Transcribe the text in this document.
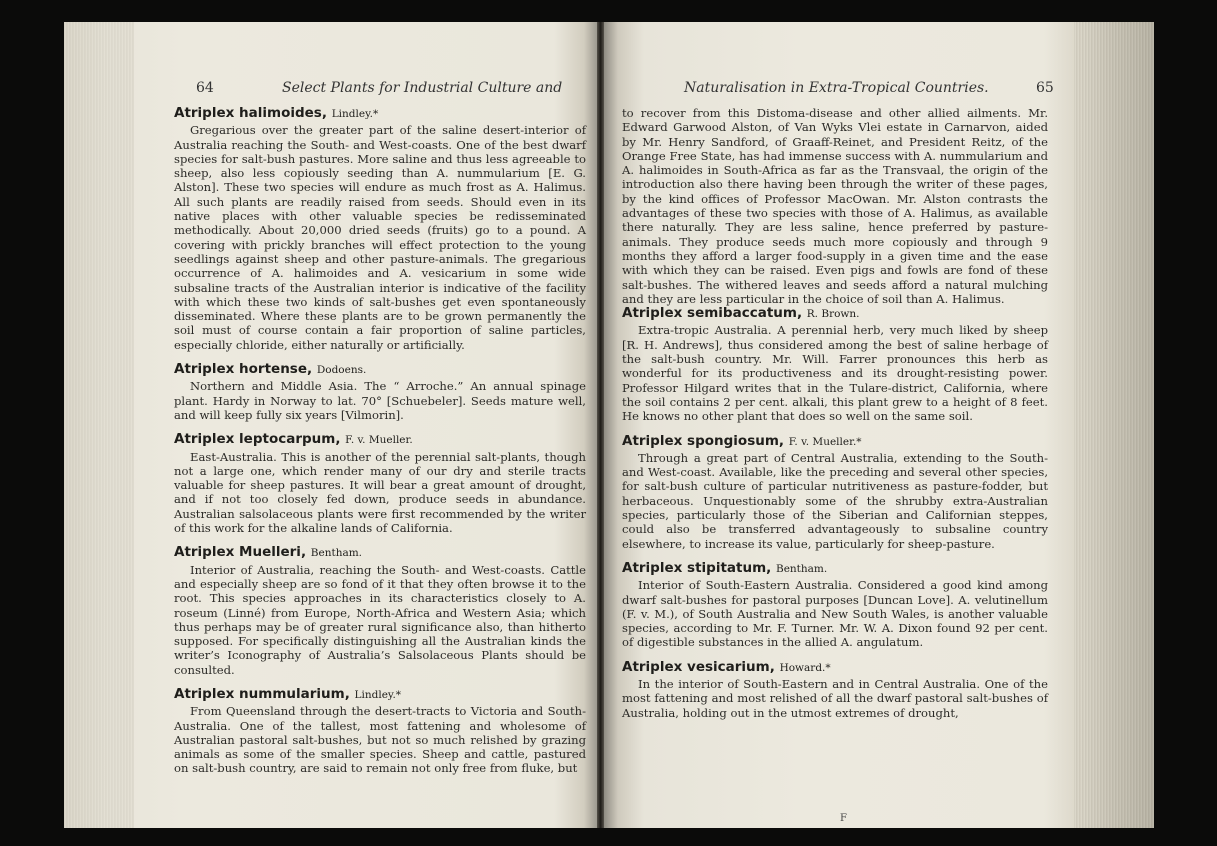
64	Select Plants for Industrial Culture and
Atriplex halimoides, Lindley.*

Gregarious over the greater part of the saline desert-interior of Australia reaching the South- and West-coasts. One of the best dwarf species for salt-bush pastures. More saline and thus less agreeable to sheep, also less copiously seeding than A. nummularium [E. G. Alston]. These two species will endure as much frost as A. Halimus. All such plants are readily raised from seeds. Should even in its native places with other valuable species be redisseminated methodically. About 20,000 dried seeds (fruits) go to a pound. A covering with prickly branches will effect protection to the young seedlings against sheep and other pasture-animals. The gregarious occurrence of A. halimoides and A. vesicarium in some wide subsaline tracts of the Australian interior is indicative of the facility with which these two kinds of salt-bushes get even spontaneously disseminated. Where these plants are to be grown permanently the soil must of course contain a fair proportion of saline particles, especially chloride, either naturally or artificially.

Atriplex hortense, Dodoens.

Northern and Middle Asia. The “ Arroche.” An annual spinage plant. Hardy in Norway to lat. 70° [Schuebeler]. Seeds mature well, and will keep fully six years [Vilmorin].

Atriplex leptocarpum, F. v. Mueller.

East-Australia. This is another of the perennial salt-plants, though not a large one, which render many of our dry and sterile tracts valuable for sheep pastures. It will bear a great amount of drought, and if not too closely fed down, produce seeds in abundance. Australian salsolaceous plants were first recommended by the writer of this work for the alkaline lands of California.

Atriplex Muelleri, Bentham.

Interior of Australia, reaching the South- and West-coasts. Cattle and especially sheep are so fond of it that they often browse it to the root. This species approaches in its characteristics closely to A. roseum (Linné) from Europe, North-Africa and Western Asia; which thus perhaps may be of greater rural significance also, than hitherto supposed. For specifically distinguishing all the Australian kinds the writer’s Iconography of Australia’s Salsolaceous Plants should be consulted.

Atriplex nummularium, Lindley.*

From Queensland through the desert-tracts to Victoria and South-Australia. One of the tallest, most fattening and wholesome of Australian pastoral salt-bushes, but not so much relished by grazing animals as some of the smaller species. Sheep and cattle, pastured on salt-bush country, are said to remain not only free from fluke, but

Naturalisation in Extra-Tropical Countries.	65

to recover from this Distoma-disease and other allied ailments. Mr. Edward Garwood Alston, of Van Wyks Vlei estate in Carnarvon, aided by Mr. Henry Sandford, of Graaff-Reinet, and President Reitz, of the Orange Free State, has had immense success with A. nummularium and A. halimoides in South-Africa as far as the Transvaal, the origin of the introduction also there having been through the writer of these pages, by the kind offices of Professor MacOwan. Mr. Alston contrasts the advantages of these two species with those of A. Halimus, as available there naturally. They are less saline, hence preferred by pasture-animals. They produce seeds much more copiously and through 9 months they afford a larger food-supply in a given time and the ease with which they can be raised. Even pigs and fowls are fond of these salt-bushes. The withered leaves and seeds afford a natural mulching and they are less particular in the choice of soil than A. Halimus.

Atriplex semibaccatum, R. Brown.

Extra-tropic Australia. A perennial herb, very much liked by sheep [R. H. Andrews], thus considered among the best of saline herbage of the salt-bush country. Mr. Will. Farrer pronounces this herb as wonderful for its productiveness and its drought-resisting power. Professor Hilgard writes that in the Tulare-district, California, where the soil contains 2 per cent. alkali, this plant grew to a height of 8 feet. He knows no other plant that does so well on the same soil.

Atriplex spongiosum, F. v. Mueller.*

Through a great part of Central Australia, extending to the South- and West-coast. Available, like the preceding and several other species, for salt-bush culture of particular nutritiveness as pasture-fodder, but herbaceous. Unquestionably some of the shrubby extra-Australian species, particularly those of the Siberian and Californian steppes, could also be transferred advantageously to subsaline country elsewhere, to increase its value, particularly for sheep-pasture.

Atriplex stipitatum, Bentham.

Interior of South-Eastern Australia. Considered a good kind among dwarf salt-bushes for pastoral purposes [Duncan Love]. A. velutinellum (F. v. M.), of South Australia and New South Wales, is another valuable species, according to Mr. F. Turner. Mr. W. A. Dixon found 92 per cent. of digestible substances in the allied A. angulatum.

Atriplex vesicarium, Howard.*

In the interior of South-Eastern and in Central Australia. One of the most fattening and most relished of all the dwarf pastoral salt-bushes of Australia, holding out in the utmost extremes of drought,

F
